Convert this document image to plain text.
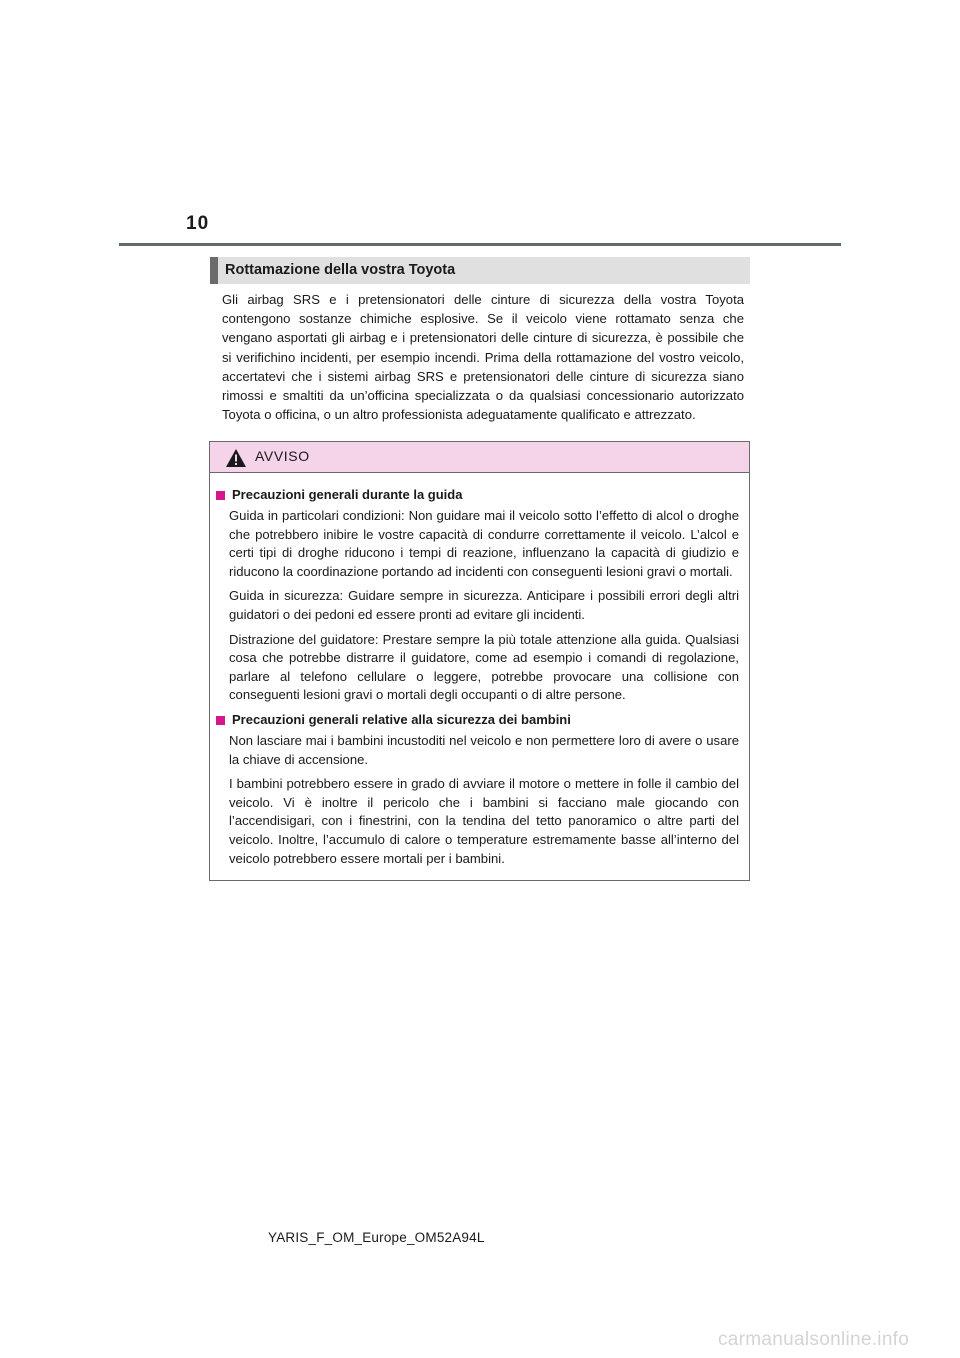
10
Rottamazione della vostra Toyota

Gli airbag SRS e i pretensionatori delle cinture di sicurezza della vostra Toyota contengono sostanze chimiche esplosive. Se il veicolo viene rottamato senza che vengano asportati gli airbag e i pretensionatori delle cinture di sicurezza, è possibile che si verifichino incidenti, per esempio incendi. Prima della rottamazione del vostro veicolo, accertatevi che i sistemi airbag SRS e pretensionatori delle cinture di sicurezza siano rimossi e smaltiti da un’officina specializzata o da qualsiasi concessionario autorizzato Toyota o officina, o un altro professionista adeguatamente qualificato e attrezzato.

AVVISO
Precauzioni generali durante la guida

Guida in particolari condizioni: Non guidare mai il veicolo sotto l’effetto di alcol o droghe che potrebbero inibire le vostre capacità di condurre correttamente il veicolo. L’alcol e certi tipi di droghe riducono i tempi di reazione, influenzano la capacità di giudizio e riducono la coordinazione portando ad incidenti con conseguenti lesioni gravi o mortali.

Guida in sicurezza: Guidare sempre in sicurezza. Anticipare i possibili errori degli altri guidatori o dei pedoni ed essere pronti ad evitare gli incidenti.

Distrazione del guidatore: Prestare sempre la più totale attenzione alla guida. Qualsiasi cosa che potrebbe distrarre il guidatore, come ad esempio i comandi di regolazione, parlare al telefono cellulare o leggere, potrebbe provocare una collisione con conseguenti lesioni gravi o mortali degli occupanti o di altre persone.

Precauzioni generali relative alla sicurezza dei bambini

Non lasciare mai i bambini incustoditi nel veicolo e non permettere loro di avere o usare la chiave di accensione.

I bambini potrebbero essere in grado di avviare il motore o mettere in folle il cambio del veicolo. Vi è inoltre il pericolo che i bambini si facciano male giocando con l’accendisigari, con i finestrini, con la tendina del tetto panoramico o altre parti del veicolo. Inoltre, l’accumulo di calore o temperature estremamente basse all’interno del veicolo potrebbero essere mortali per i bambini.

YARIS_F_OM_Europe_OM52A94L
carmanualsonline.info
